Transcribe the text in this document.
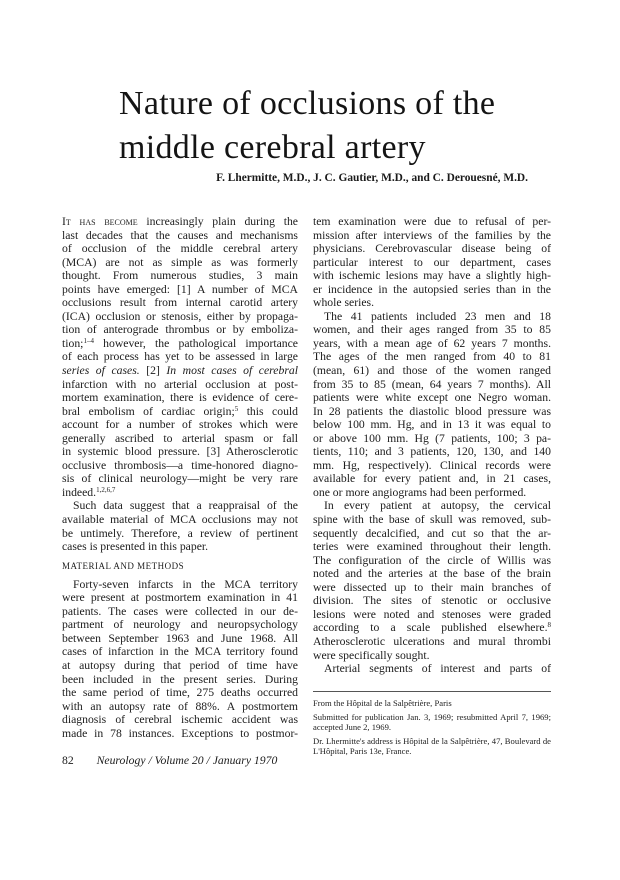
Nature of occlusions of the
middle cerebral artery

F. Lhermitte, M.D., J. C. Gautier, M.D., and C. Derouesné, M.D.

It has become increasingly plain during the
last decades that the causes and mechanisms
of occlusion of the middle cerebral artery
(MCA) are not as simple as was formerly
thought. From numerous studies, 3 main
points have emerged: [1] A number of MCA
occlusions result from internal carotid artery
(ICA) occlusion or stenosis, either by propaga-
tion of anterograde thrombus or by emboliza-
tion;$^{1-4}$ however, the pathological importance
of each process has yet to be assessed in large
series of cases. [2] In most cases of cerebral
infarction with no arterial occlusion at post-
mortem examination, there is evidence of cere-
bral embolism of cardiac origin;$^5$ this could
account for a number of strokes which were
generally ascribed to arterial spasm or fall
in systemic blood pressure. [3] Atherosclerotic
occlusive thrombosis—a time-honored diagno-
sis of clinical neurology—might be very rare
indeed.$^{1,2,6,7}$
Such data suggest that a reappraisal of the
available material of MCA occlusions may not
be untimely. Therefore, a review of pertinent
cases is presented in this paper.
MATERIAL AND METHODS
Forty-seven infarcts in the MCA territory
were present at postmortem examination in 41
patients. The cases were collected in our de-
partment of neurology and neuropsychology
between September 1963 and June 1968. All
cases of infarction in the MCA territory found
at autopsy during that period of time have
been included in the present series. During
the same period of time, 275 deaths occurred
with an autopsy rate of 88%. A postmortem
diagnosis of cerebral ischemic accident was
made in 78 instances. Exceptions to postmor-
tem examination were due to refusal of per-
mission after interviews of the families by the
physicians. Cerebrovascular disease being of
particular interest to our department, cases
with ischemic lesions may have a slightly high-
er incidence in the autopsied series than in the
whole series.
The 41 patients included 23 men and 18
women, and their ages ranged from 35 to 85
years, with a mean age of 62 years 7 months.
The ages of the men ranged from 40 to 81
(mean, 61) and those of the women ranged
from 35 to 85 (mean, 64 years 7 months). All
patients were white except one Negro woman.
In 28 patients the diastolic blood pressure was
below 100 mm. Hg, and in 13 it was equal to
or above 100 mm. Hg (7 patients, 100; 3 pa-
tients, 110; and 3 patients, 120, 130, and 140
mm. Hg, respectively). Clinical records were
available for every patient and, in 21 cases,
one or more angiograms had been performed.
In every patient at autopsy, the cervical
spine with the base of skull was removed, sub-
sequently decalcified, and cut so that the ar-
teries were examined throughout their length.
The configuration of the circle of Willis was
noted and the arteries at the base of the brain
were dissected up to their main branches of
division. The sites of stenotic or occlusive
lesions were noted and stenoses were graded
according to a scale published elsewhere.$^8$
Atherosclerotic ulcerations and mural thrombi
were specifically sought.
Arterial segments of interest and parts of
From the Hôpital de la Salpêtrière, Paris
Submitted for publication Jan. 3, 1969; resubmitted April 7, 1969; accepted June 2, 1969.
Dr. Lhermitte's address is Hôpital de la Salpêtrière, 47, Boulevard de L'Hôpital, Paris 13e, France.
82 Neurology / Volume 20 / January 1970
